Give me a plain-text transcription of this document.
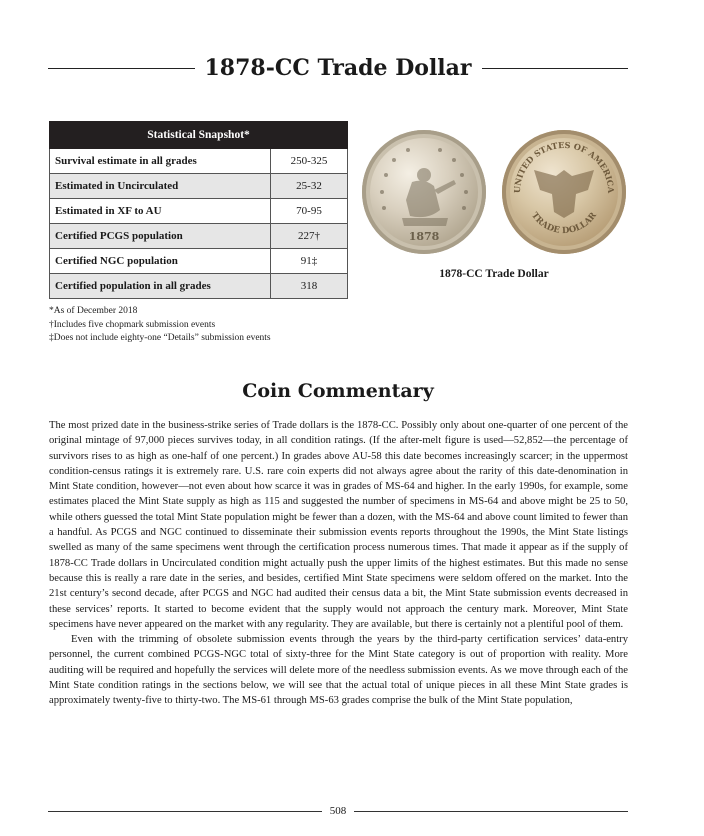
1878-CC Trade Dollar
Statistical Snapshot*	
Survival estimate in all grades	250-325
Estimated in Uncirculated	25-32
Estimated in XF to AU	70-95
Certified PCGS population	227†
Certified NGC population	91‡
Certified population in all grades	318
*As of December 2018
†Includes five chopmark submission events
‡Does not include eighty-one “Details” submission events
1878
UNITED STATES OF AMERICA
TRADE DOLLAR
1878-CC Trade Dollar
Coin Commentary

The most prized date in the business-strike series of Trade dollars is the 1878-CC. Possibly only about one-quarter of one percent of the original mintage of 97,000 pieces survives today, in all condition ratings. (If the after-melt figure is used—52,852—the percentage of survivors rises to as high as one-half of one percent.) In grades above AU-58 this date becomes increasingly scarcer; in the uppermost condition-census ratings it is extremely rare. U.S. rare coin experts did not always agree about the rarity of this date-denomination in Mint State condition, however—not even about how scarce it was in grades of MS-64 and higher. In the early 1990s, for example, some estimates placed the Mint State supply as high as 115 and suggested the number of specimens in MS-64 and above might be 25 to 50, while others guessed the total Mint State population might be fewer than a dozen, with the MS-64 and above count limited to fewer than a handful. As PCGS and NGC continued to disseminate their submission events reports throughout the 1990s, the Mint State listings swelled as many of the same specimens went through the certification process numerous times. That made it appear as if the supply of 1878-CC Trade dollars in Uncirculated condition might actually push the upper limits of the highest estimates. But this made no sense because this is really a rare date in the series, and besides, certified Mint State specimens were seldom offered on the market. Into the 21st century’s second decade, after PCGS and NGC had audited their census data a bit, the Mint State submission events decreased in these services’ reports. It started to become evident that the supply would not approach the century mark. Moreover, Mint State specimens have never appeared on the market with any regularity. They are available, but there is certainly not a plentiful pool of them.

Even with the trimming of obsolete submission events through the years by the third-party certification services’ data-entry personnel, the current combined PCGS-NGC total of sixty-three for the Mint State category is out of proportion with reality. More auditing will be required and hopefully the services will delete more of the needless submission events. As we move through each of the Mint State condition ratings in the sections below, we will see that the actual total of unique pieces in all these Mint State grades is approximately twenty-five to thirty-two. The MS-61 through MS-63 grades comprise the bulk of the Mint State population,

508
